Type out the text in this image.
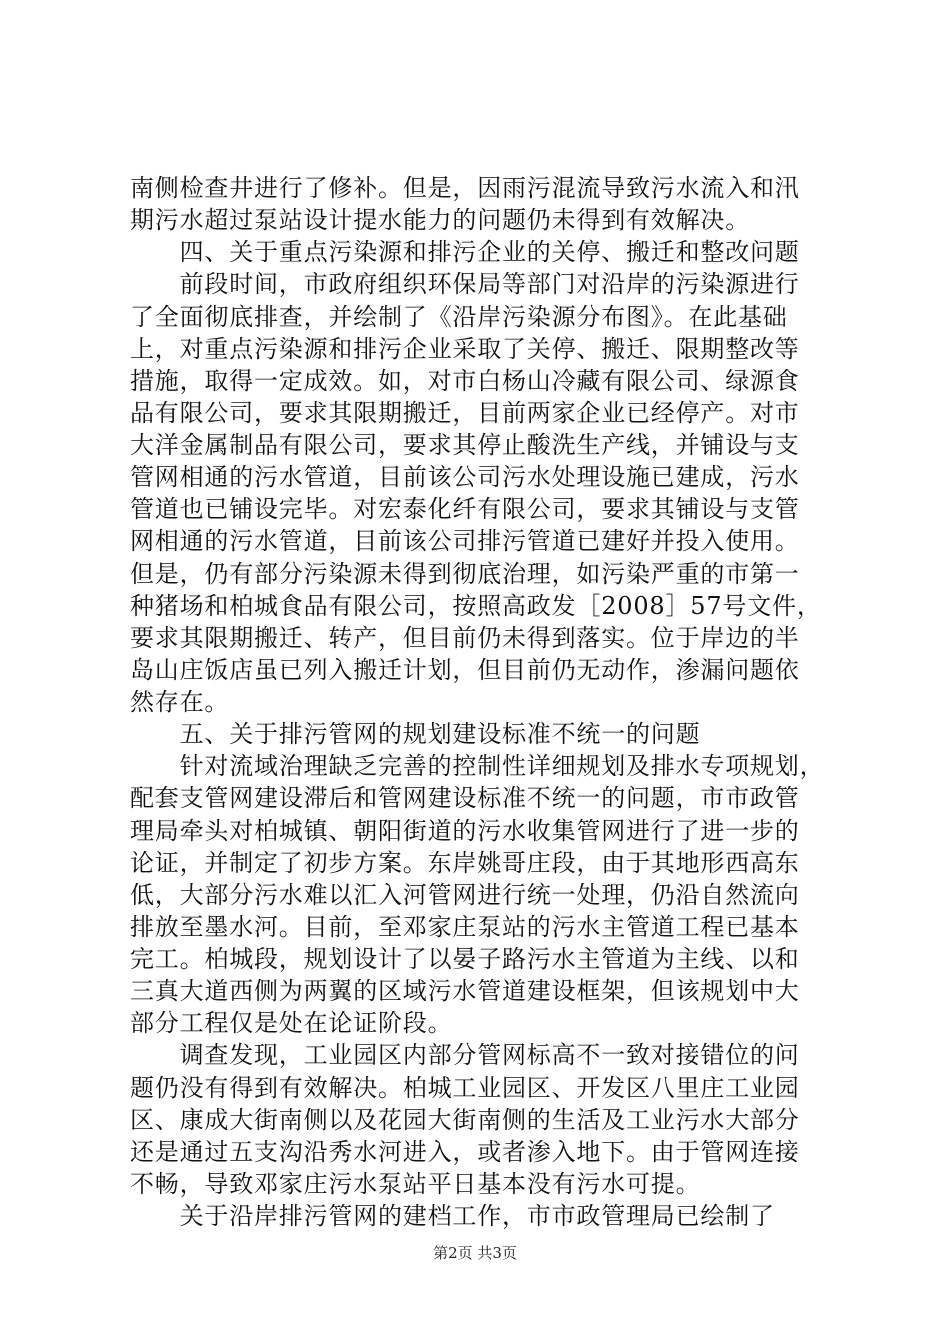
南侧检查井进行了修补。但是，因雨污混流导致污水流入和汛
期污水超过泵站设计提水能力的问题仍未得到有效解决。
　　四、关于重点污染源和排污企业的关停、搬迁和整改问题
　　前段时间，市政府组织环保局等部门对沿岸的污染源进行
了全面彻底排查，并绘制了《沿岸污染源分布图》。在此基础
上，对重点污染源和排污企业采取了关停、搬迁、限期整改等
措施，取得一定成效。如，对市白杨山冷藏有限公司、绿源食
品有限公司，要求其限期搬迁，目前两家企业已经停产。对市
大洋金属制品有限公司，要求其停止酸洗生产线，并铺设与支
管网相通的污水管道，目前该公司污水处理设施已建成，污水
管道也已铺设完毕。对宏泰化纤有限公司，要求其铺设与支管
网相通的污水管道，目前该公司排污管道已建好并投入使用。
但是，仍有部分污染源未得到彻底治理，如污染严重的市第一
种猪场和柏城食品有限公司，按照高政发［2008］57号文件，
要求其限期搬迁、转产，但目前仍未得到落实。位于岸边的半
岛山庄饭店虽已列入搬迁计划，但目前仍无动作，渗漏问题依
然存在。
　　五、关于排污管网的规划建设标准不统一的问题
　　针对流域治理缺乏完善的控制性详细规划及排水专项规划，
配套支管网建设滞后和管网建设标准不统一的问题，市市政管
理局牵头对柏城镇、朝阳街道的污水收集管网进行了进一步的
论证，并制定了初步方案。东岸姚哥庄段，由于其地形西高东
低，大部分污水难以汇入河管网进行统一处理，仍沿自然流向
排放至墨水河。目前，至邓家庄泵站的污水主管道工程已基本
完工。柏城段，规划设计了以晏子路污水主管道为主线、以和
三真大道西侧为两翼的区域污水管道建设框架，但该规划中大
部分工程仅是处在论证阶段。
　　调查发现，工业园区内部分管网标高不一致对接错位的问
题仍没有得到有效解决。柏城工业园区、开发区八里庄工业园
区、康成大街南侧以及花园大街南侧的生活及工业污水大部分
还是通过五支沟沿秀水河进入，或者渗入地下。由于管网连接
不畅，导致邓家庄污水泵站平日基本没有污水可提。
　　关于沿岸排污管网的建档工作，市市政管理局已绘制了
第2页 共3页
